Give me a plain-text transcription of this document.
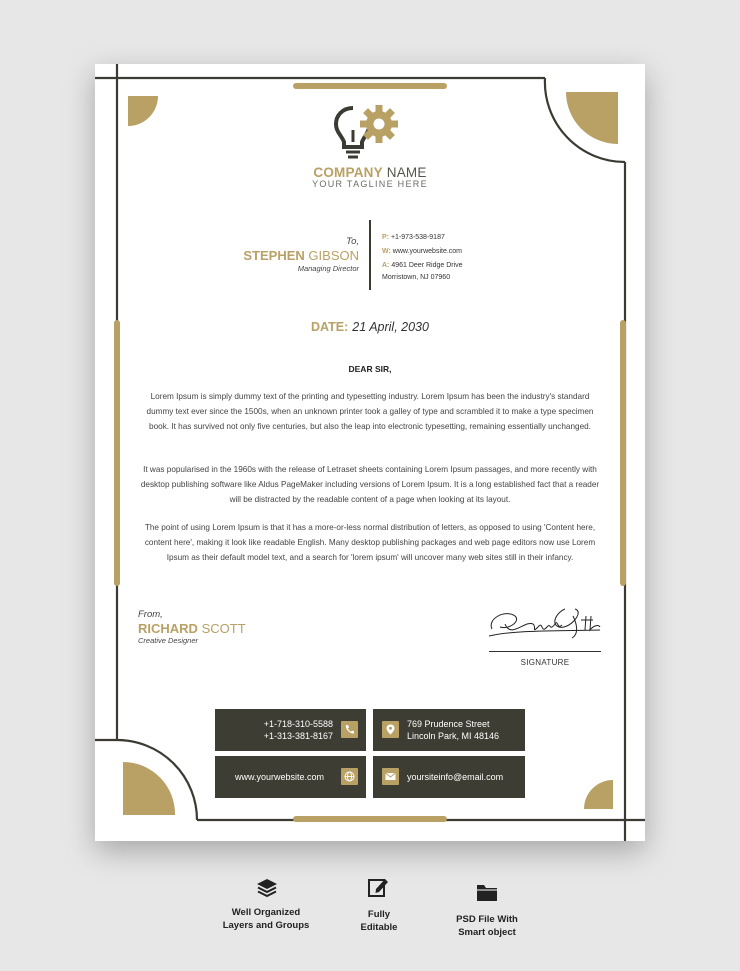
COMPANY NAME
YOUR TAGLINE HERE
To,
STEPHEN GIBSON
Managing Director
P: +1-973-538-9187
W: www.yourwebsite.com
A: 4961 Deer Ridge Drive
Morristown, NJ 07960
DATE: 21 April, 2030
DEAR SIR,

Lorem Ipsum is simply dummy text of the printing and typesetting industry. Lorem Ipsum has been the industry's standard dummy text ever since the 1500s, when an unknown printer took a galley of type and scrambled it to make a type specimen book. It has survived not only five centuries, but also the leap into electronic typesetting, remaining essentially unchanged.

It was popularised in the 1960s with the release of Letraset sheets containing Lorem Ipsum passages, and more recently with desktop publishing software like Aldus PageMaker including versions of Lorem Ipsum. It is a long established fact that a reader will be distracted by the readable content of a page when looking at its layout.

The point of using Lorem Ipsum is that it has a more-or-less normal distribution of letters, as opposed to using 'Content here, content here', making it look like readable English. Many desktop publishing packages and web page editors now use Lorem Ipsum as their default model text, and a search for 'lorem ipsum' will uncover many web sites still in their infancy.

From,
RICHARD SCOTT
Creative Designer
SIGNATURE
+1-718-310-5588
+1-313-381-8167
769 Prudence Street
Lincoln Park, MI 48146
www.yourwebsite.com	yoursiteinfo@email.com
Well Organized
Layers and Groups
Fully
Editable
PSD File With
Smart object
